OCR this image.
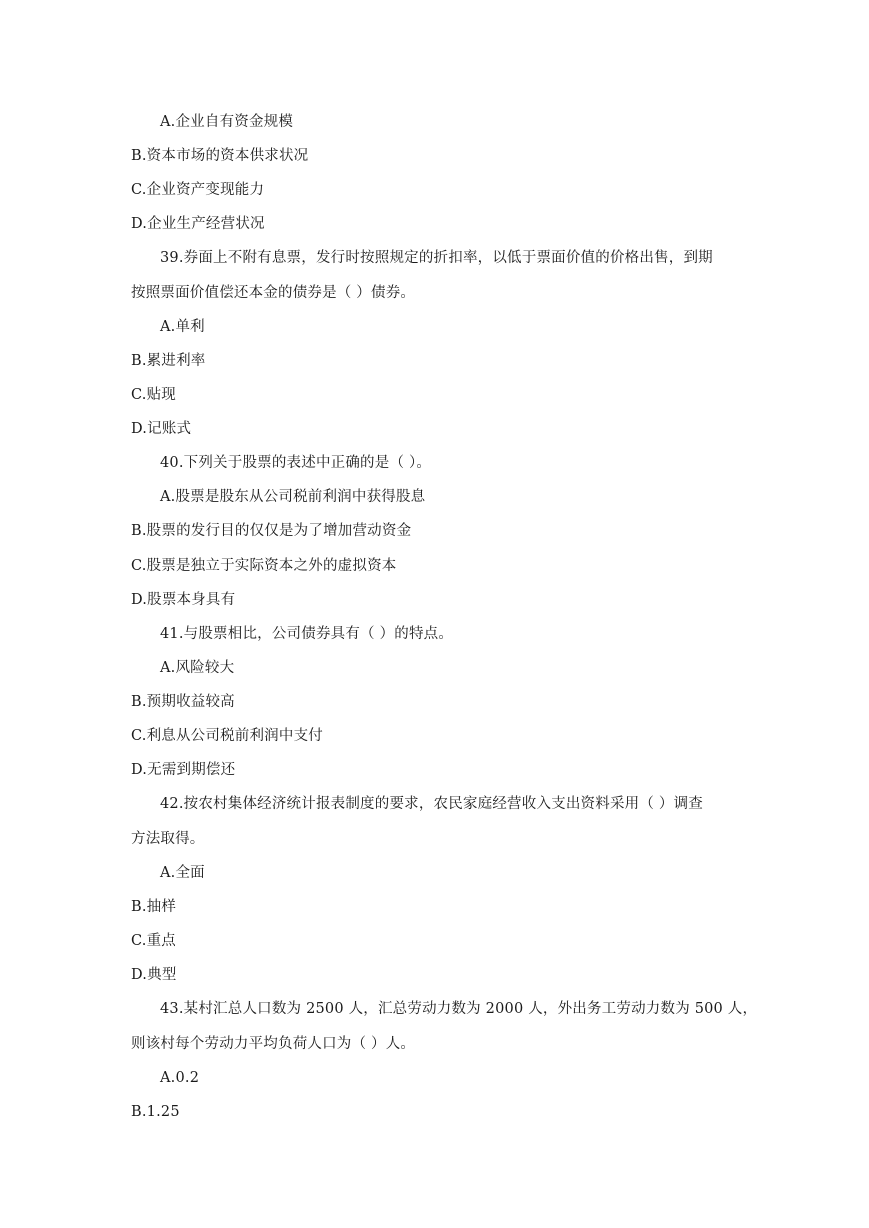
A.企业自有资金规模
B.资本市场的资本供求状况
C.企业资产变现能力
D.企业生产经营状况
39.券面上不附有息票，发行时按照规定的折扣率，以低于票面价值的价格出售，到期
按照票面价值偿还本金的债券是（ ）债券。
A.单利
B.累进利率
C.贴现
D.记账式
40.下列关于股票的表述中正确的是（ ）。
A.股票是股东从公司税前利润中获得股息
B.股票的发行目的仅仅是为了增加营动资金
C.股票是独立于实际资本之外的虚拟资本
D.股票本身具有
41.与股票相比，公司债券具有（ ）的特点。
A.风险较大
B.预期收益较高
C.利息从公司税前利润中支付
D.无需到期偿还
42.按农村集体经济统计报表制度的要求，农民家庭经营收入支出资料采用（ ）调查
方法取得。
A.全面
B.抽样
C.重点
D.典型
43.某村汇总人口数为 2500 人，汇总劳动力数为 2000 人，外出务工劳动力数为 500 人，
则该村每个劳动力平均负荷人口为（ ）人。
A.0.2
B.1.25
